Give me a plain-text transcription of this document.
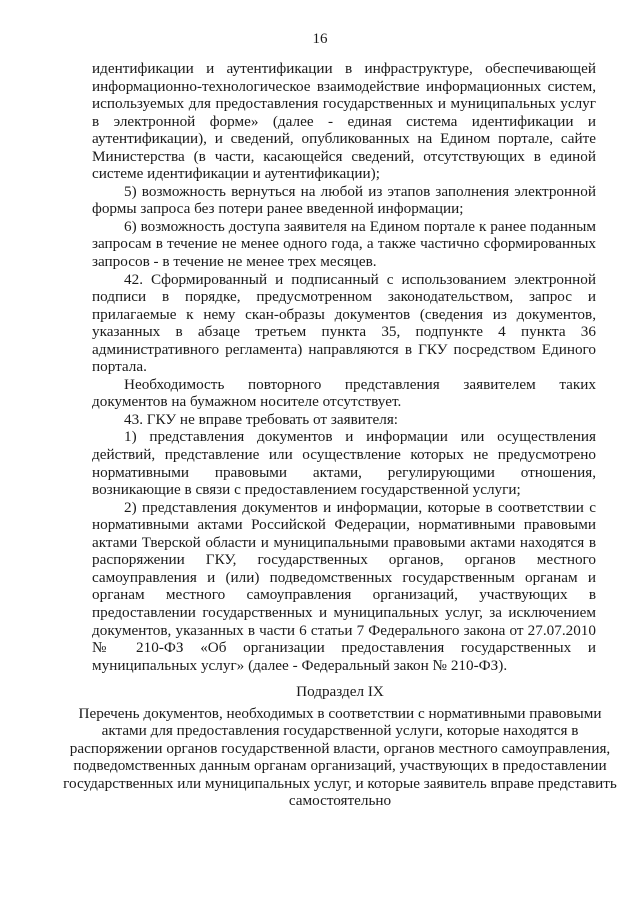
16

идентификации и аутентификации в инфраструктуре, обеспечивающей информационно-технологическое взаимодействие информационных систем, используемых для предоставления государственных и муниципальных услуг в электронной форме» (далее - единая система идентификации и аутентификации), и сведений, опубликованных на Едином портале, сайте Министерства (в части, касающейся сведений, отсутствующих в единой системе идентификации и аутентификации);

5) возможность вернуться на любой из этапов заполнения электронной формы запроса без потери ранее введенной информации;

6) возможность доступа заявителя на Едином портале к ранее поданным запросам в течение не менее одного года, а также частично сформированных запросов - в течение не менее трех месяцев.

42. Сформированный и подписанный с использованием электронной подписи в порядке, предусмотренном законодательством, запрос и прилагаемые к нему скан-образы документов (сведения из документов, указанных в абзаце третьем пункта 35, подпункте 4 пункта 36 административного регламента) направляются в ГКУ посредством Единого портала.

Необходимость повторного представления заявителем таких документов на бумажном носителе отсутствует.

43. ГКУ не вправе требовать от заявителя:

1) представления документов и информации или осуществления действий, представление или осуществление которых не предусмотрено нормативными правовыми актами, регулирующими отношения, возникающие в связи с предоставлением государственной услуги;

2) представления документов и информации, которые в соответствии с нормативными актами Российской Федерации, нормативными правовыми актами Тверской области и муниципальными правовыми актами находятся в распоряжении ГКУ, государственных органов, органов местного самоуправления и (или) подведомственных государственным органам и органам местного самоуправления организаций, участвующих в предоставлении государственных и муниципальных услуг, за исключением документов, указанных в части 6 статьи 7 Федерального закона от 27.07.2010 № 210-ФЗ «Об организации предоставления государственных и муниципальных услуг» (далее - Федеральный закон № 210-ФЗ).

Подраздел IX

Перечень документов, необходимых в соответствии с нормативными правовыми актами для предоставления государственной услуги, которые находятся в распоряжении органов государственной власти, органов местного самоуправления, подведомственных данным органам организаций, участвующих в предоставлении государственных или муниципальных услуг, и которые заявитель вправе представить самостоятельно
